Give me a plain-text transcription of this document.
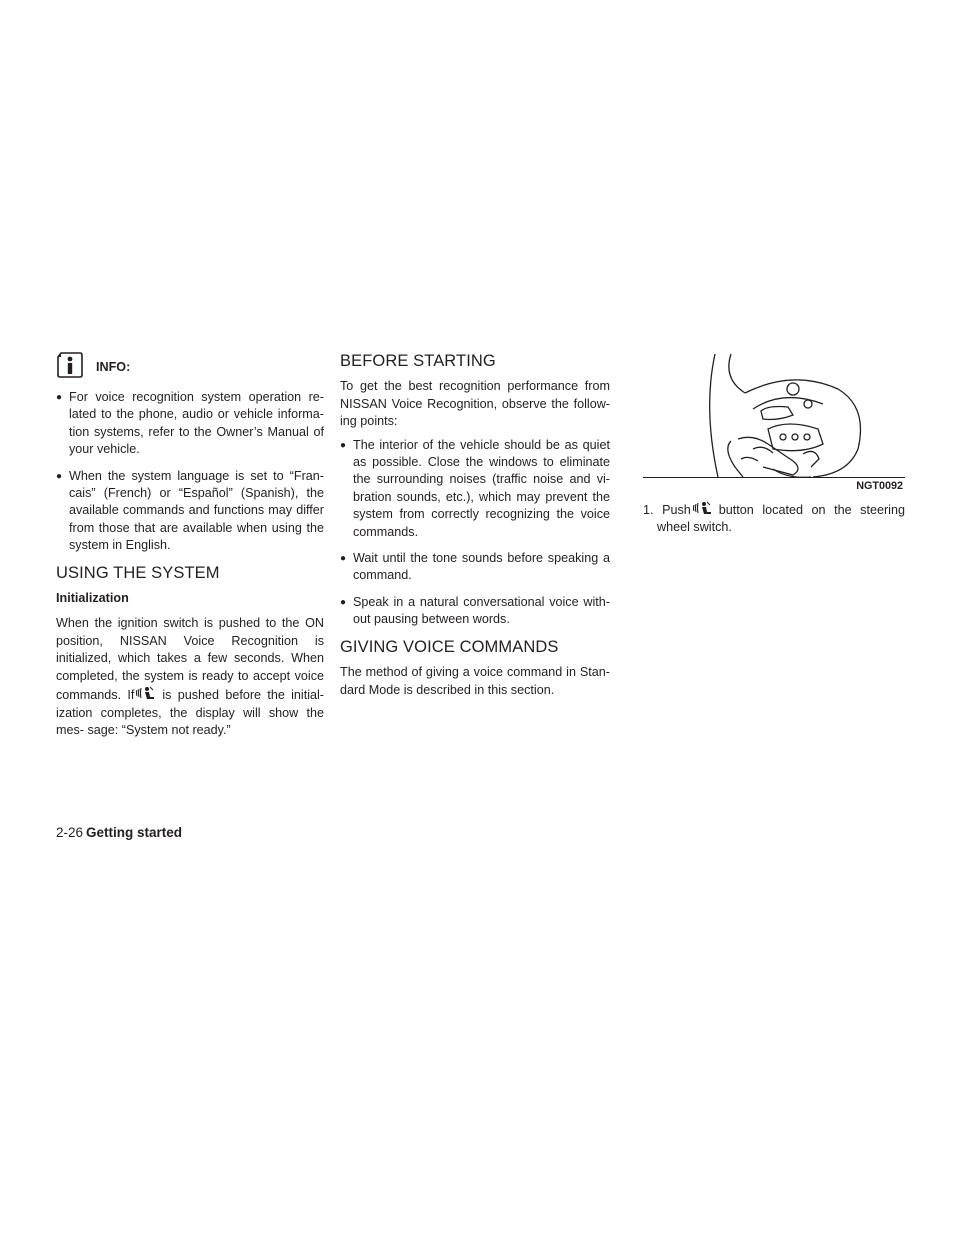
INFO:

● For voice recognition system operation re- lated to the phone, audio or vehicle informa- tion systems, refer to the Owner’s Manual of your vehicle.

● When the system language is set to “Fran- cais” (French) or “Español” (Spanish), the available commands and functions may differ from those that are available when using the system in English.

USING THE SYSTEM
Initialization

When the ignition switch is pushed to the ON position, NISSAN Voice Recognition is initialized, which takes a few seconds. When completed, the system is ready to accept voice commands. If is pushed before the initial- ization completes, the display will show the mes- sage: “System not ready.”

BEFORE STARTING

To get the best recognition performance from NISSAN Voice Recognition, observe the follow- ing points:

● The interior of the vehicle should be as quiet as possible. Close the windows to eliminate the surrounding noises (traffic noise and vi- bration sounds, etc.), which may prevent the system from correctly recognizing the voice commands.

● Wait until the tone sounds before speaking a command.

● Speak in a natural conversational voice with- out pausing between words.

GIVING VOICE COMMANDS

The method of giving a voice command in Stan- dard Mode is described in this section.

NGT0092

1. Push button located on the steering wheel switch.

2-26 Getting started
